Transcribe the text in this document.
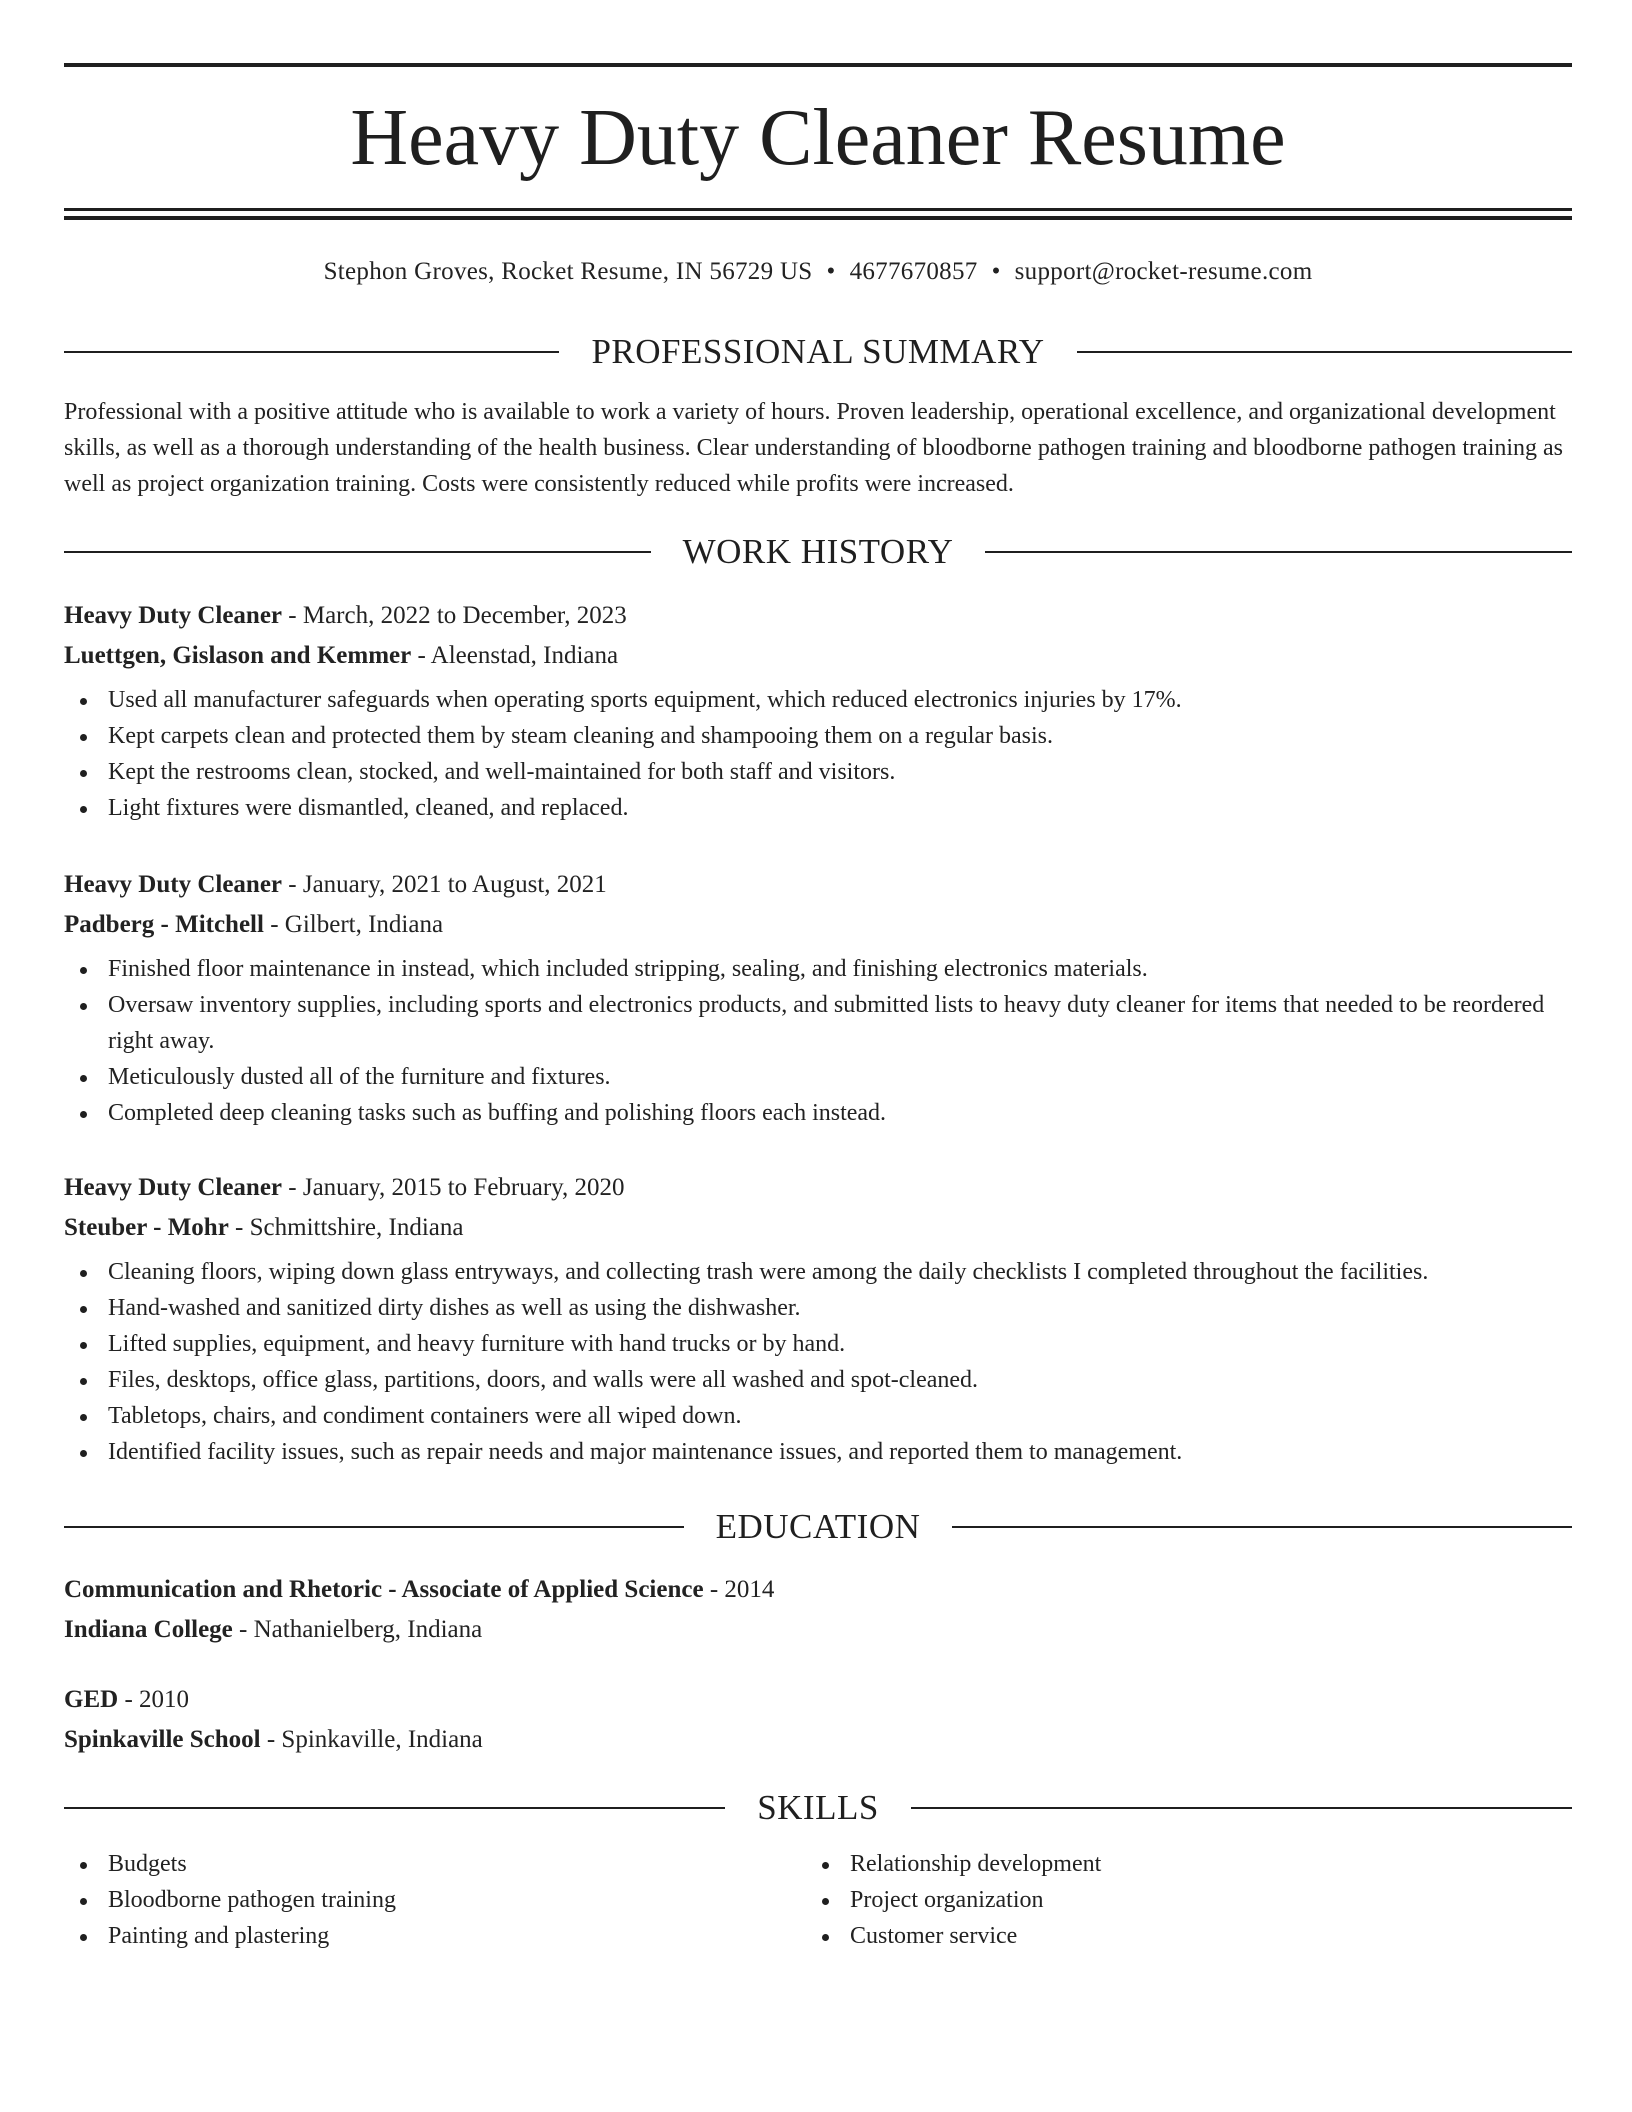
Heavy Duty Cleaner Resume
Stephon Groves, Rocket Resume, IN 56729 US • 4677670857 • support@rocket-resume.com
PROFESSIONAL SUMMARY
Professional with a positive attitude who is available to work a variety of hours. Proven leadership, operational excellence, and organizational development skills, as well as a thorough understanding of the health business. Clear understanding of bloodborne pathogen training and bloodborne pathogen training as well as project organization training. Costs were consistently reduced while profits were increased.
WORK HISTORY

Heavy Duty Cleaner - March, 2022 to December, 2023

Luettgen, Gislason and Kemmer - Aleenstad, Indiana

Used all manufacturer safeguards when operating sports equipment, which reduced electronics injuries by 17%.
Kept carpets clean and protected them by steam cleaning and shampooing them on a regular basis.
Kept the restrooms clean, stocked, and well-maintained for both staff and visitors.
Light fixtures were dismantled, cleaned, and replaced.

Heavy Duty Cleaner - January, 2021 to August, 2021

Padberg - Mitchell - Gilbert, Indiana

Finished floor maintenance in instead, which included stripping, sealing, and finishing electronics materials.
Oversaw inventory supplies, including sports and electronics products, and submitted lists to heavy duty cleaner for items that needed to be reordered right away.
Meticulously dusted all of the furniture and fixtures.
Completed deep cleaning tasks such as buffing and polishing floors each instead.

Heavy Duty Cleaner - January, 2015 to February, 2020

Steuber - Mohr - Schmittshire, Indiana

Cleaning floors, wiping down glass entryways, and collecting trash were among the daily checklists I completed throughout the facilities.
Hand-washed and sanitized dirty dishes as well as using the dishwasher.
Lifted supplies, equipment, and heavy furniture with hand trucks or by hand.
Files, desktops, office glass, partitions, doors, and walls were all washed and spot-cleaned.
Tabletops, chairs, and condiment containers were all wiped down.
Identified facility issues, such as repair needs and major maintenance issues, and reported them to management.
EDUCATION

Communication and Rhetoric - Associate of Applied Science - 2014

Indiana College - Nathanielberg, Indiana

GED - 2010

Spinkaville School - Spinkaville, Indiana

SKILLS
Budgets
Bloodborne pathogen training
Painting and plastering
Relationship development
Project organization
Customer service
